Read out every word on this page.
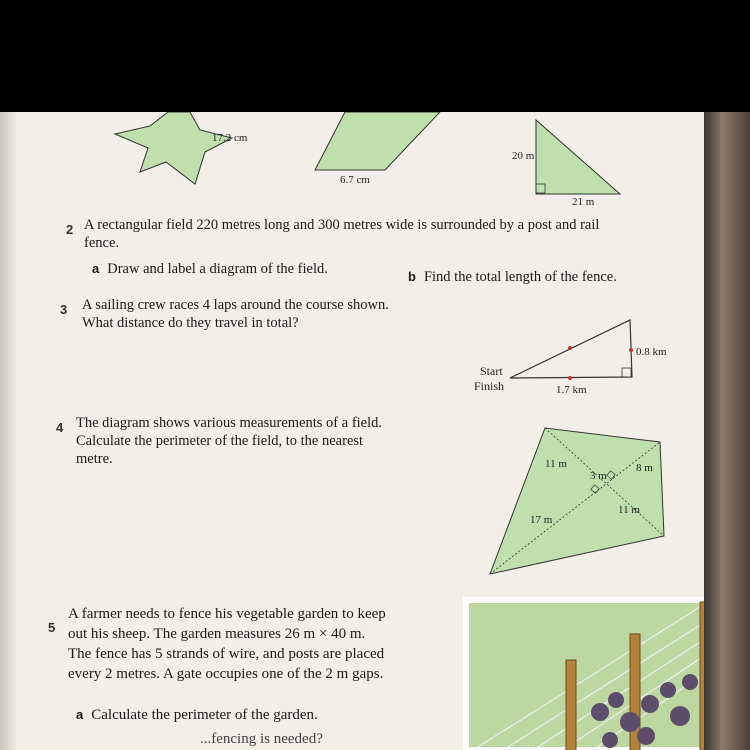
17.2 cm
6.7 cm
20 m
21 m
2 A rectangular field 220 metres long and 300 metres wide is surrounded by a post and rail
fence.
a Draw and label a diagram of the field.	b Find the total length of the fence.
3 A sailing crew races 4 laps around the course shown.
What distance do they travel in total?
Start
Finish	1.7 km
0.8 km
4 The diagram shows various measurements of a field.
Calculate the perimeter of the field, to the nearest
metre.	11 m
3 m
8 m
11 m
17 m
5
A farmer needs to fence his vegetable garden to keep
out his sheep. The garden measures 26 m × 40 m.
The fence has 5 strands of wire, and posts are placed
every 2 metres. A gate occupies one of the 2 m gaps.
a Calculate the perimeter of the garden.
...fencing is needed?
